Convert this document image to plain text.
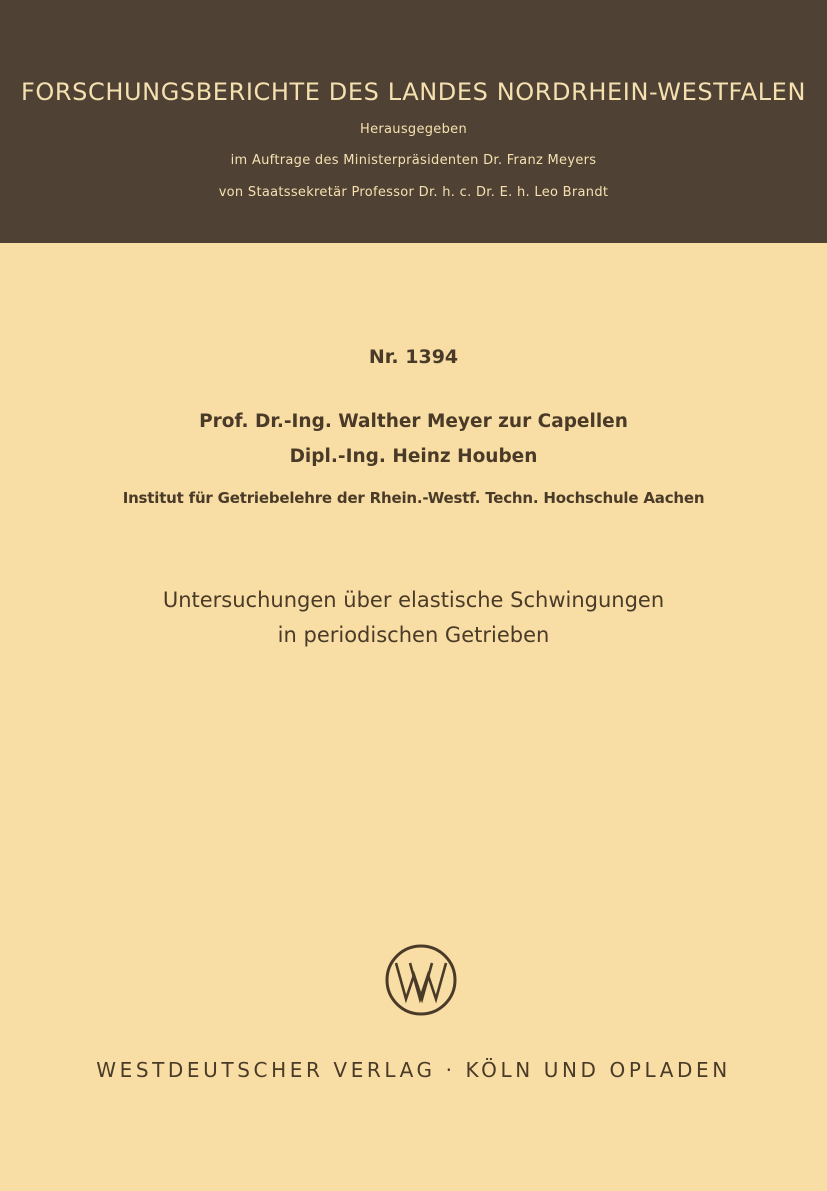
FORSCHUNGSBERICHTE DES LANDES NORDRHEIN-WESTFALEN
Herausgegeben
im Auftrage des Ministerpräsidenten Dr. Franz Meyers
von Staatssekretär Professor Dr. h. c. Dr. E. h. Leo Brandt
Nr. 1394
Prof. Dr.-Ing. Walther Meyer zur Capellen
Dipl.-Ing. Heinz Houben
Institut für Getriebelehre der Rhein.-Westf. Techn. Hochschule Aachen
Untersuchungen über elastische Schwingungen
in periodischen Getrieben
WESTDEUTSCHER VERLAG · KÖLN UND OPLADEN
